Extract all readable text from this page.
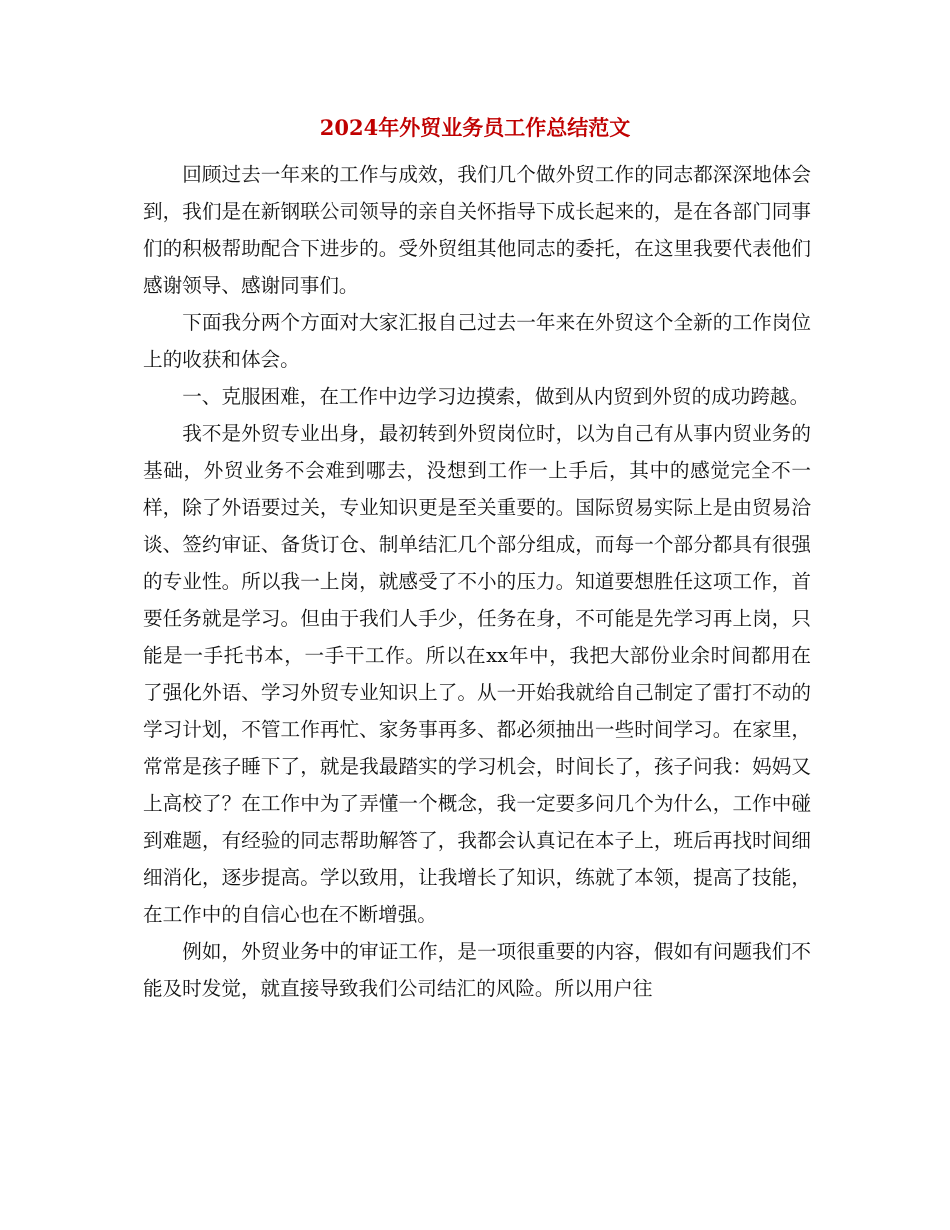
2024年外贸业务员工作总结范文

回顾过去一年来的工作与成效，我们几个做外贸工作的同志都深深地体会到，我们是在新钢联公司领导的亲自关怀指导下成长起来的，是在各部门同事们的积极帮助配合下进步的。受外贸组其他同志的委托，在这里我要代表他们感谢领导、感谢同事们。

下面我分两个方面对大家汇报自己过去一年来在外贸这个全新的工作岗位上的收获和体会。

一、克服困难，在工作中边学习边摸索，做到从内贸到外贸的成功跨越。

我不是外贸专业出身，最初转到外贸岗位时，以为自己有从事内贸业务的基础，外贸业务不会难到哪去，没想到工作一上手后，其中的感觉完全不一样，除了外语要过关，专业知识更是至关重要的。国际贸易实际上是由贸易洽谈、签约审证、备货订仓、制单结汇几个部分组成，而每一个部分都具有很强的专业性。所以我一上岗，就感受了不小的压力。知道要想胜任这项工作，首要任务就是学习。但由于我们人手少，任务在身，不可能是先学习再上岗，只能是一手托书本，一手干工作。所以在xx年中，我把大部份业余时间都用在了强化外语、学习外贸专业知识上了。从一开始我就给自己制定了雷打不动的学习计划，不管工作再忙、家务事再多、都必须抽出一些时间学习。在家里，常常是孩子睡下了，就是我最踏实的学习机会，时间长了，孩子问我：妈妈又上高校了？在工作中为了弄懂一个概念，我一定要多问几个为什么，工作中碰到难题，有经验的同志帮助解答了，我都会认真记在本子上，班后再找时间细细消化，逐步提高。学以致用，让我增长了知识，练就了本领，提高了技能，在工作中的自信心也在不断增强。

例如，外贸业务中的审证工作，是一项很重要的内容，假如有问题我们不能及时发觉，就直接导致我们公司结汇的风险。所以用户往
